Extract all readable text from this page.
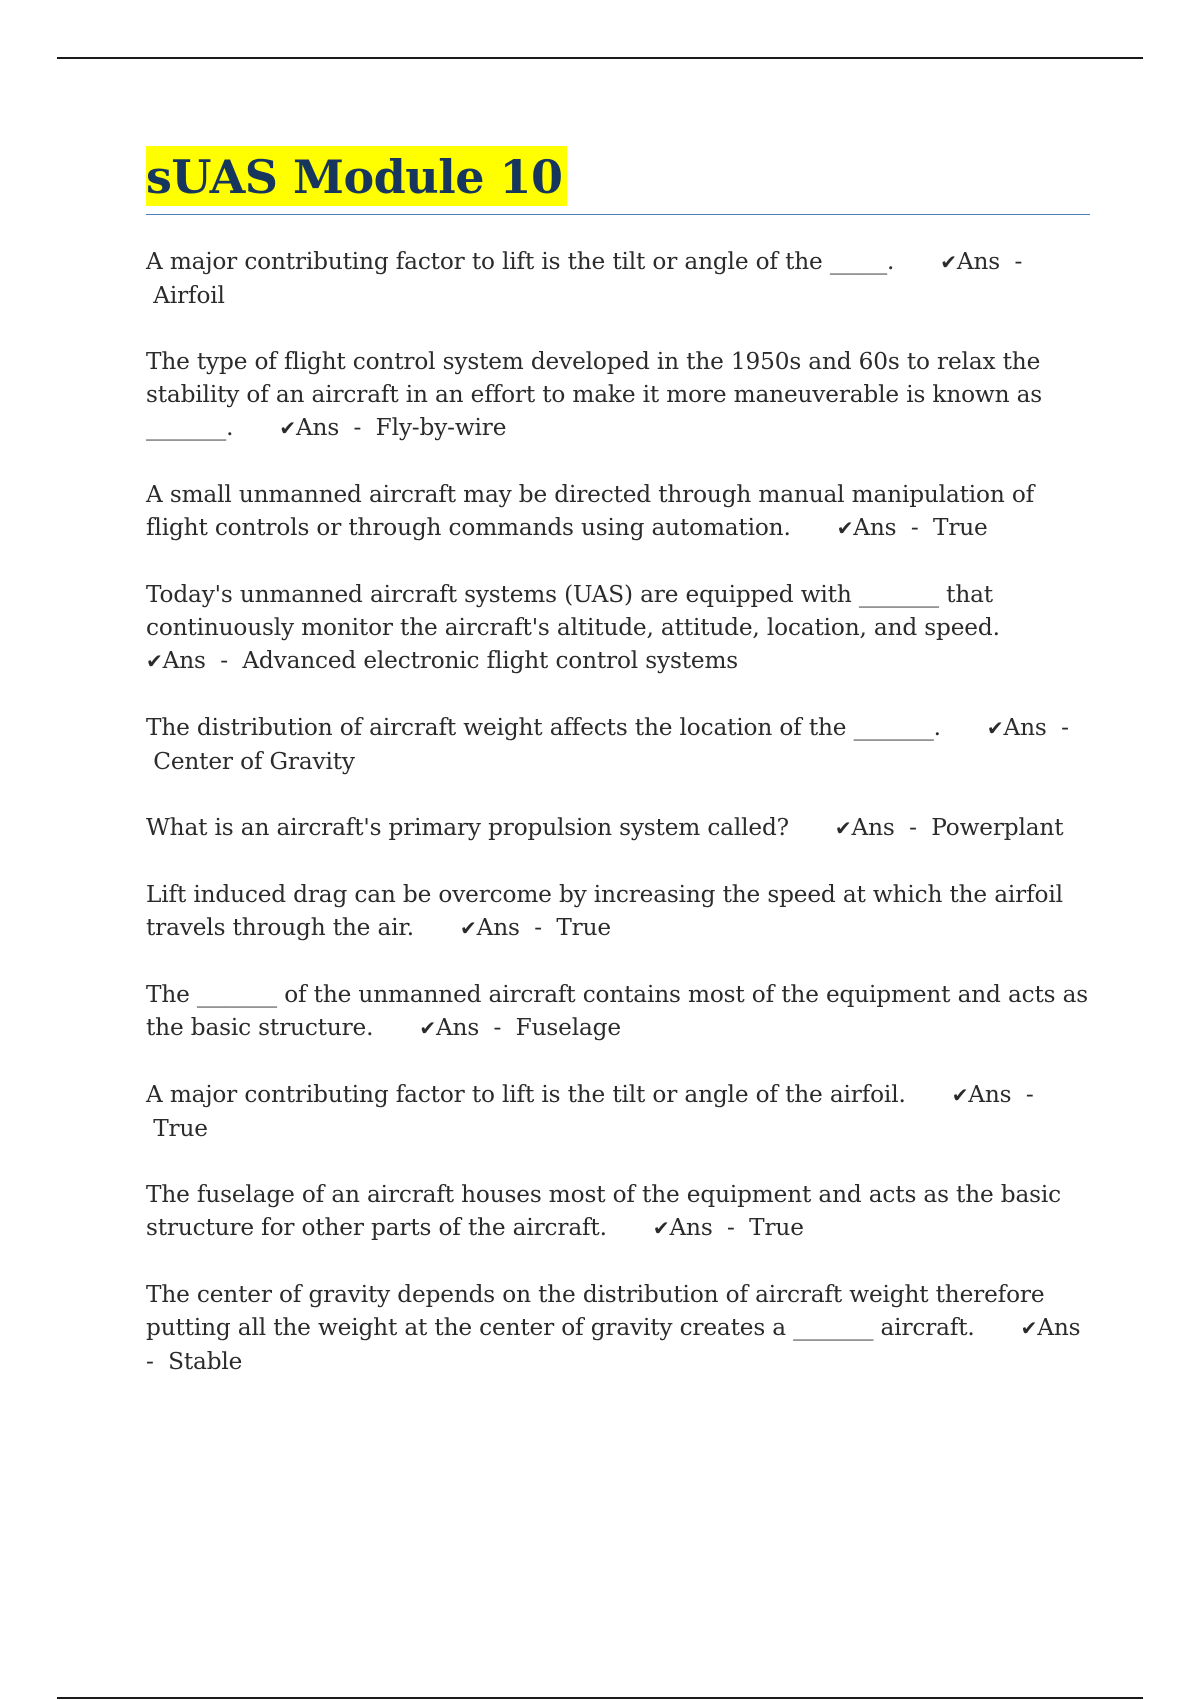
sUAS Module 10
A major contributing factor to lift is the tilt or angle of the _____. ✔Ans  -  Airfoil
The type of flight control system developed in the 1950s and 60s to relax the stability of an aircraft in an effort to make it more maneuverable is known as _______. ✔Ans  -  Fly-by-wire
A small unmanned aircraft may be directed through manual manipulation of flight controls or through commands using automation. ✔Ans  -  True
Today's unmanned aircraft systems (UAS) are equipped with _______ that continuously monitor the aircraft's altitude, attitude, location, and speed.✔Ans  -  Advanced electronic flight control systems
The distribution of aircraft weight affects the location of the _______. ✔Ans  -  Center of Gravity
What is an aircraft's primary propulsion system called? ✔Ans  -  Powerplant
Lift induced drag can be overcome by increasing the speed at which the airfoil travels through the air. ✔Ans  -  True
The _______ of the unmanned aircraft contains most of the equipment and acts as the basic structure. ✔Ans  -  Fuselage
A major contributing factor to lift is the tilt or angle of the airfoil. ✔Ans  -  True
The fuselage of an aircraft houses most of the equipment and acts as the basic structure for other parts of the aircraft. ✔Ans  -  True
The center of gravity depends on the distribution of aircraft weight therefore putting all the weight at the center of gravity creates a _______ aircraft. ✔Ans  -  Stable
